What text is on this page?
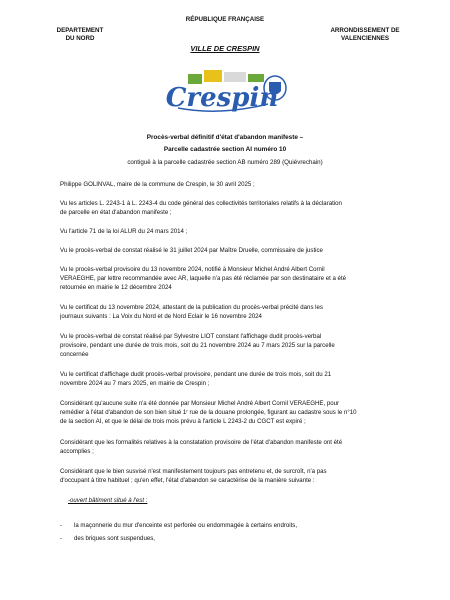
RÉPUBLIQUE FRANÇAISE
DEPARTEMENT
DU NORD
ARRONDISSEMENT DE
VALENCIENNES
VILLE DE CRESPIN
Crespin
Procès-verbal définitif d'état d'abandon manifeste –
Parcelle cadastrée section AI numéro 10
contiguë à la parcelle cadastrée section AB numéro 289 (Quiévrechain)
Philippe GOLINVAL, maire de la commune de Crespin, le 30 avril 2025 ;
Vu les articles L. 2243-1 à L. 2243-4 du code général des collectivités territoriales relatifs à la déclaration
de parcelle en état d'abandon manifeste ;
Vu l'article 71 de la loi ALUR du 24 mars 2014 ;
Vu le procès-verbal de constat réalisé le 31 juillet 2024 par Maître Druelle, commissaire de justice
Vu le procès-verbal provisoire du 13 novembre 2024, notifié à Monsieur Michel André Albert Cornil
VERAEGHE, par lettre recommandée avec AR, laquelle n'a pas été réclamée par son destinataire et a été
retournée en mairie le 12 décembre 2024
Vu le certificat du 13 novembre 2024, attestant de la publication du procès-verbal précité dans les
journaux suivants : La Voix du Nord et de Nord Eclair le 16 novembre 2024
Vu le procès-verbal de constat réalisé par Sylvestre LIOT constant l'affichage dudit procès-verbal
provisoire, pendant une durée de trois mois, soit du 21 novembre 2024 au 7 mars 2025 sur la parcelle
concernée
Vu le certificat d'affichage dudit procès-verbal provisoire, pendant une durée de trois mois, soit du 21
novembre 2024 au 7 mars 2025, en mairie de Crespin ;
Considérant qu'aucune suite n'a été donnée par Monsieur Michel André Albert Cornil VERAEGHE, pour
remédier à l'état d'abandon de son bien situé 1ʳ rue de la douane prolongée, figurant au cadastre sous le n°10
de la section AI, et que le délai de trois mois prévu à l'article L 2243-2 du CGCT est expiré ;
Considérant que les formalités relatives à la constatation provisoire de l'état d'abandon manifeste ont été
accomplies ;
Considérant que le bien susvisé n'est manifestement toujours pas entretenu et, de surcroît, n'a pas
d'occupant à titre habituel ; qu'en effet, l'état d'abandon se caractérise de la manière suivante :
-ouvert bâtiment situé à l'est :
- la maçonnerie du mur d'enceinte est perforée ou endommagée à certains endroits,
- des briques sont suspendues,
